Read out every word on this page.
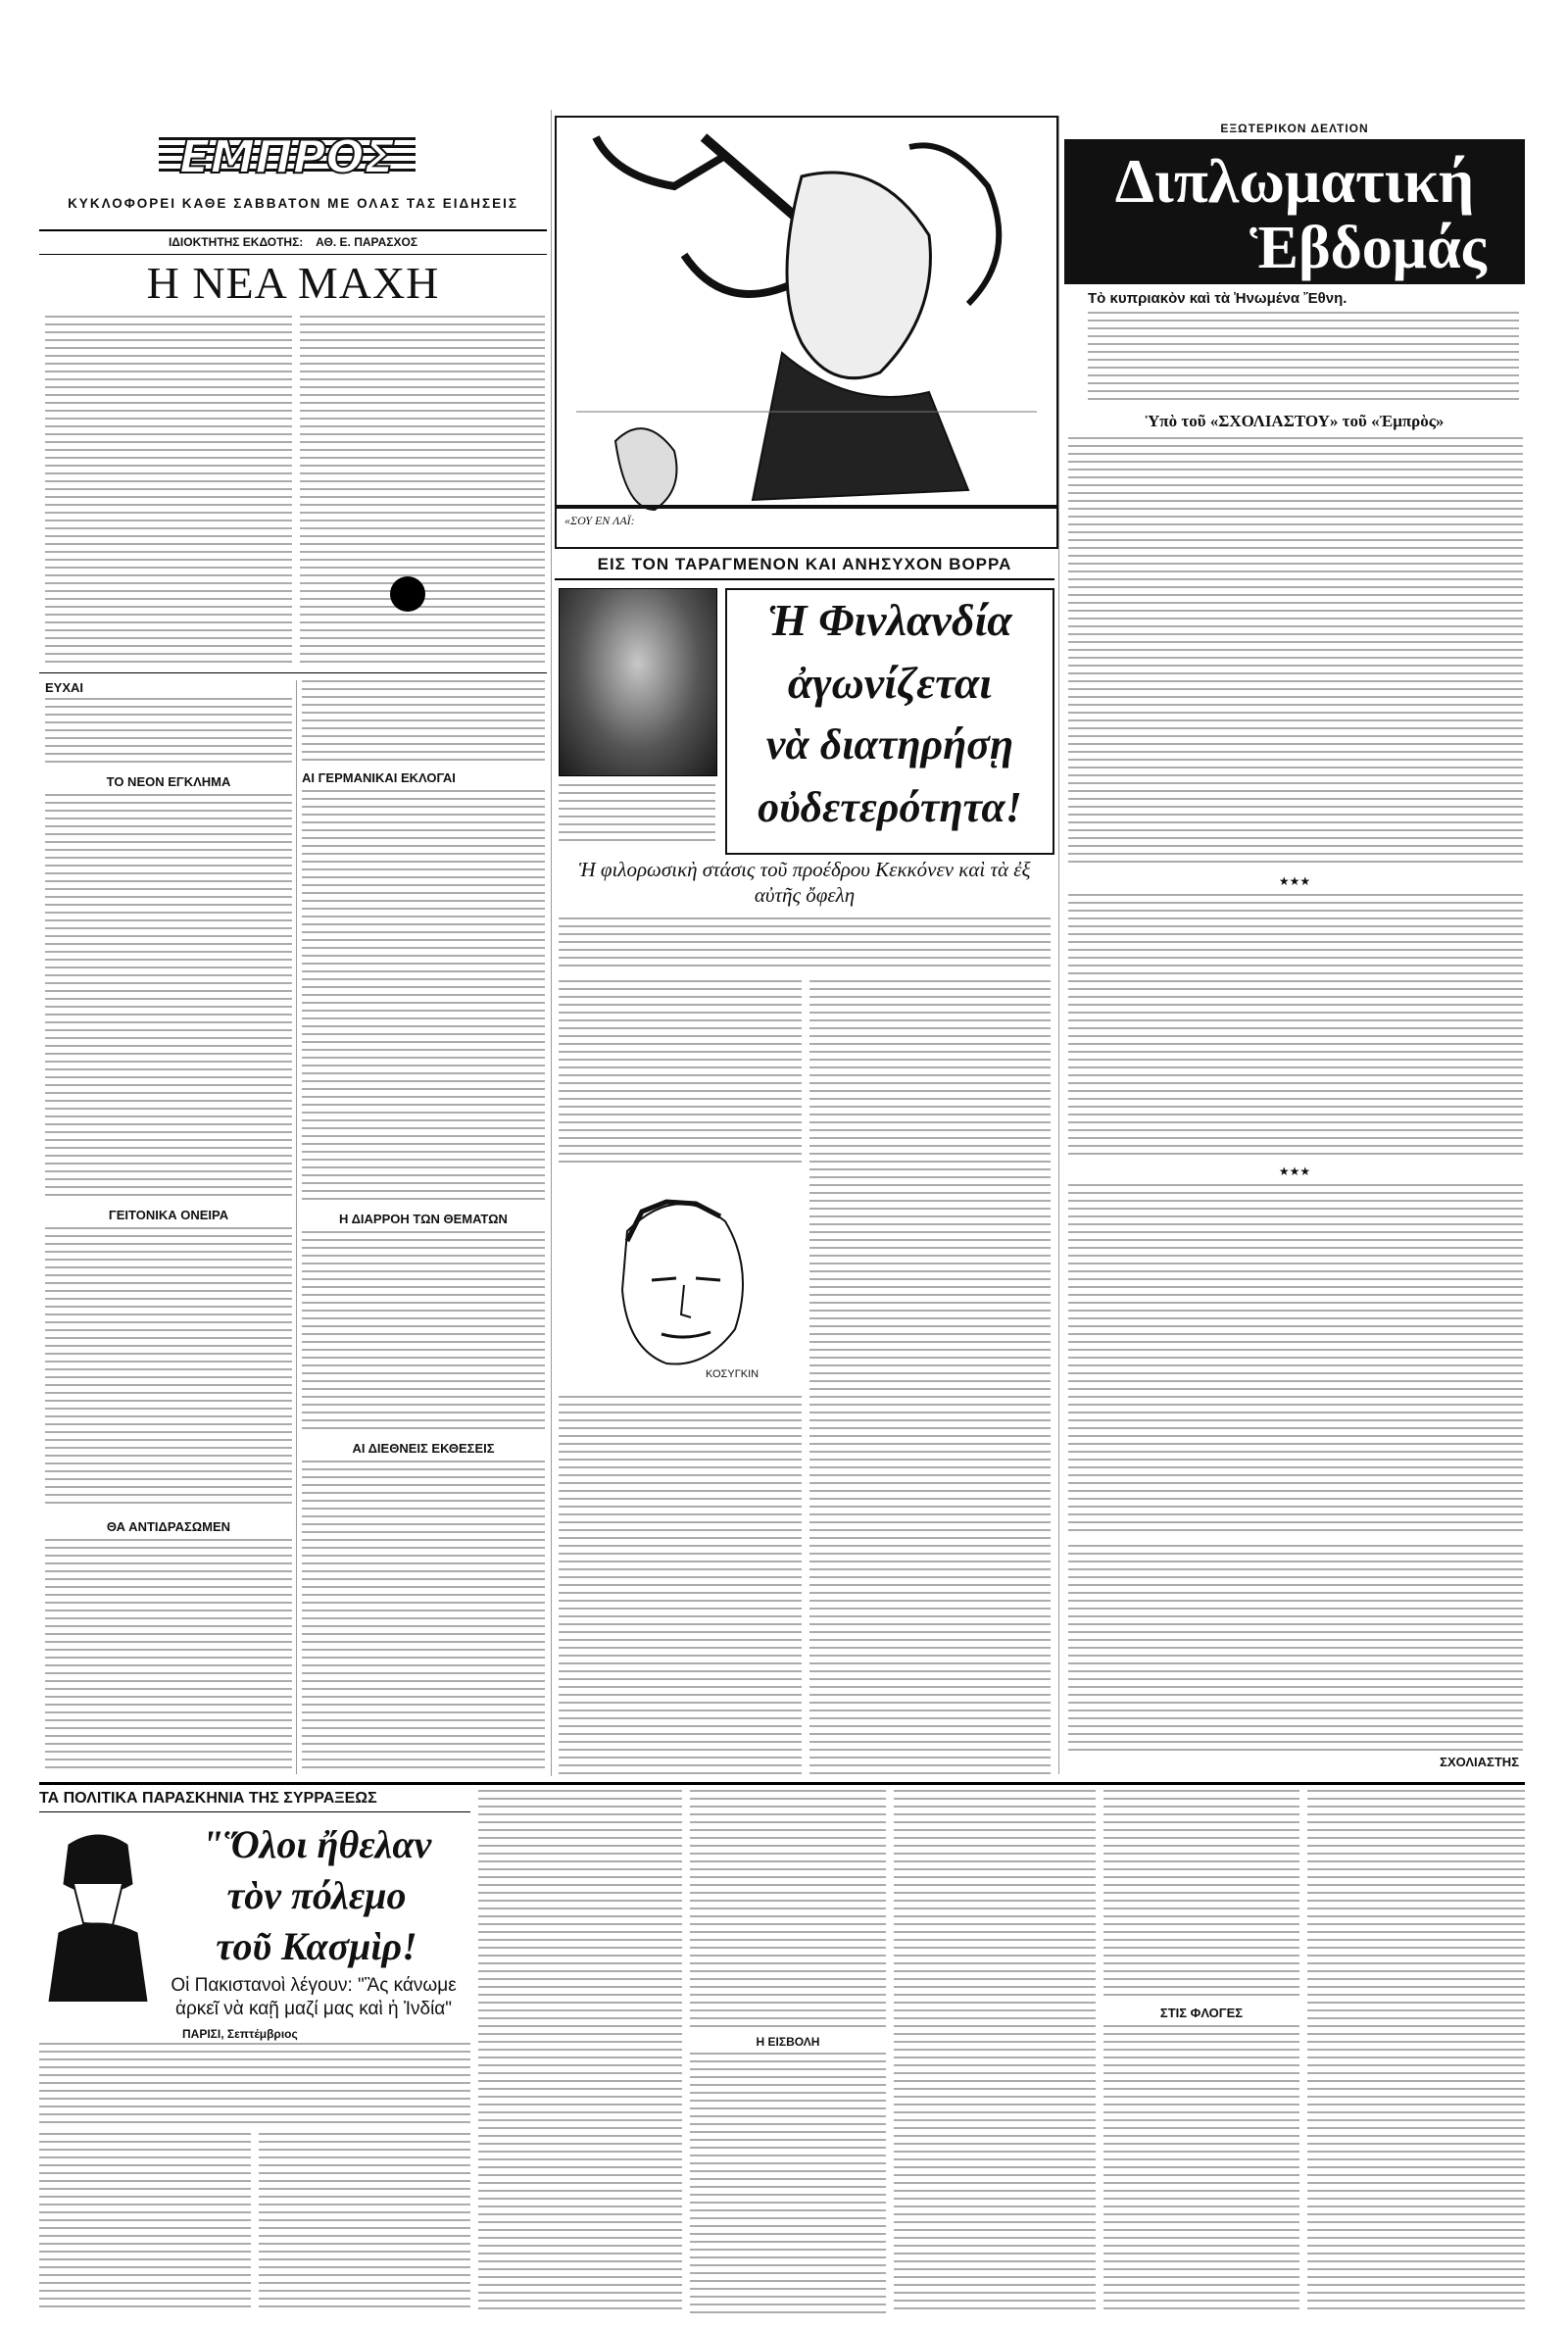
ΕΜΠΡΟΣ
ΚΥΚΛΟΦΟΡΕΙ ΚΑΘΕ ΣΑΒΒΑΤΟΝ ΜΕ ΟΛΑΣ ΤΑΣ ΕΙΔΗΣΕΙΣ
ΙΔΙΟΚΤΗΤΗΣ ΕΚΔΟΤΗΣ: ΑΘ. Ε. ΠΑΡΑΣΧΟΣ
Η ΝΕΑ ΜΑΧΗ
ΕΥΧΑΙ
ΤΟ ΝΕΟΝ ΕΓΚΛΗΜΑ
ΓΕΙΤΟΝΙΚΑ ΟΝΕΙΡΑ
ΘΑ ΑΝΤΙΔΡΑΣΩΜΕΝ
ΑΙ ΓΕΡΜΑΝΙΚΑΙ ΕΚΛΟΓΑΙ
Η ΔΙΑΡΡΟΗ ΤΩΝ ΘΕΜΑΤΩΝ
ΑΙ ΔΙΕΘΝΕΙΣ ΕΚΘΕΣΕΙΣ
«ΣΟΥ ΕΝ ΛΑΪ:
ΕΙΣ ΤΟΝ ΤΑΡΑΓΜΕΝΟΝ ΚΑΙ ΑΝΗΣΥΧΟΝ ΒΟΡΡΑ
Ἡ Φινλανδία
ἀγωνίζεται
νὰ διατηρήσῃ
οὐδετερότητα!
Ἡ φιλορωσικὴ στάσις τοῦ προέδρου Κεκκόνεν καὶ τὰ ἐξ αὐτῆς ὄφελη
ΚΟΣΥΓΚΙΝ
ΕΞΩΤΕΡΙΚΟΝ ΔΕΛΤΙΟΝ
Διπλωματική
Ἑβδομάς
Τὸ κυπριακὸν καὶ τὰ Ἡνωμένα Ἔθνη.
Ὑπὸ τοῦ «ΣΧΟΛΙΑΣΤΟΥ» τοῦ «Ἐμπρὸς»
★★★
★★★
ΣΧΟΛΙΑΣΤΗΣ
ΤΑ ΠΟΛΙΤΙΚΑ ΠΑΡΑΣΚΗΝΙΑ ΤΗΣ ΣΥΡΡΑΞΕΩΣ
"Ὅλοι ἤθελαν
τὸν πόλεμο
τοῦ Κασμὶρ!
Οἱ Πακιστανοὶ λέγουν: "Ἂς κάνωμε ἀρκεῖ νὰ καῇ μαζί μας καὶ ἡ Ἰνδία"
ΠΑΡΙΣΙ, Σεπτέμβριος
Η ΕΙΣΒΟΛΗ
ΣΤΙΣ ΦΛΟΓΕΣ
